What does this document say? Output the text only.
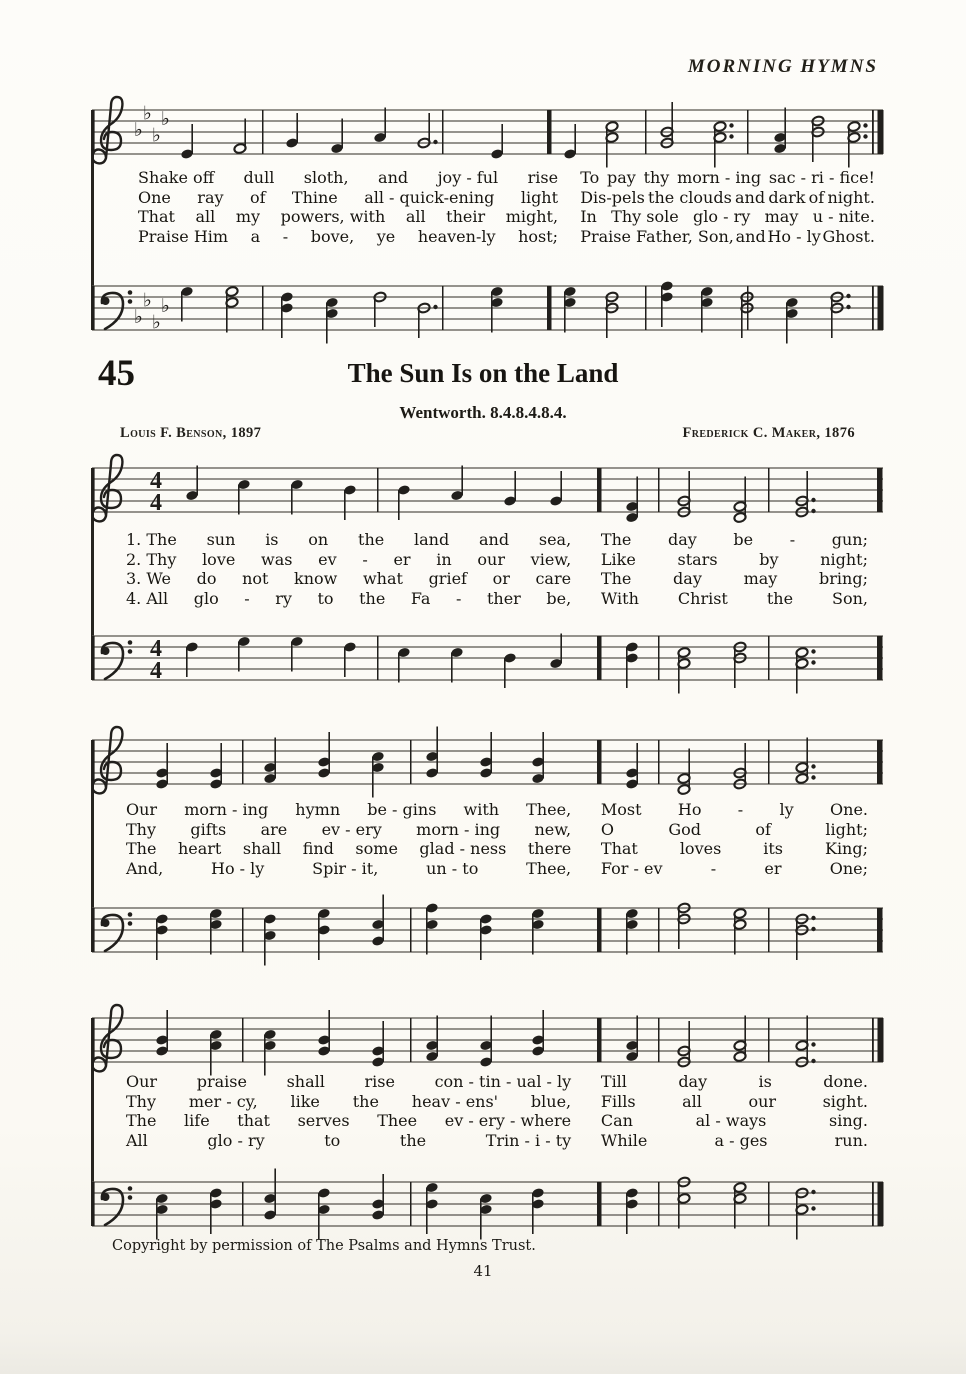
MORNING HYMNS
♭
♭
♭
♭
Shake off dull sloth, and joy - ful rise To pay thy morn - ing sac - ri - fice!
One ray of Thine all - quick-ening light Dis-pels the clouds and dark of night.
That all my powers, with all their might, In Thy sole glo - ry may u - nite.
Praise Him a - bove, ye heaven-ly host; Praise Father, Son, and Ho - ly Ghost.
♭
♭
♭
♭
45	The Sun Is on the Land
Wentworth. 8.4.8.4.8.4.
Louis F. Benson, 1897	Frederick C. Maker, 1876
4
4
1. The sun is on the land and sea, The day be - gun;
2. Thy love was ev - er in our view, Like	stars	by	night;
3. We do not know what grief or care The	day	may	bring;
4. All glo - ry to the Fa - ther be, With Christ the Son,
4
4
Our morn - ing hymn be - gins with Thee, Most Ho - ly One.
Thy gifts are ev - ery morn - ing new, O	God	of	light;
The heart shall find some glad - ness there That	loves	its	King;
And,	Ho - ly	Spir - it,	un - to	Thee, For - ev	-	er	One;
Our praise shall rise con - tin - ual - ly Till	day	is	done.
Thy mer - cy, like the heav - ens' blue, Fills	all	our	sight.
The life that serves Thee ev - ery - where Can	al - ways	sing.
All	glo - ry	to	the	Trin - i - ty While	a - ges	run.
Copyright by permission of The Psalms and Hymns Trust.
41
